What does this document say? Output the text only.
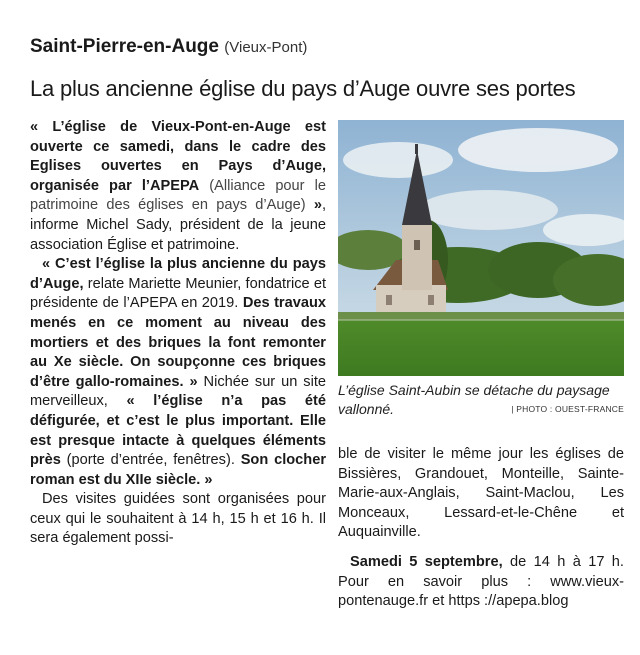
Saint-Pierre-en-Auge (Vieux-Pont)
La plus ancienne église du pays d’Auge ouvre ses portes

« L’église de Vieux-Pont-en-Auge est ouverte ce samedi, dans le cadre des Eglises ouvertes en Pays d’Auge, organisée par l’APEPA (Alliance pour le patrimoine des églises en pays d’Auge) », informe Michel Sady, président de la jeune association Église et patrimoine.

« C’est l’église la plus ancienne du pays d’Auge, relate Mariette Meunier, fondatrice et présidente de l’APEPA en 2019. Des travaux menés en ce moment au niveau des mortiers et des briques la font remonter au Xe siècle. On soupçonne ces briques d’être gallo-romaines. » Nichée sur un site merveilleux, « l’église n’a pas été défigurée, et c’est le plus important. Elle est presque intacte à quelques éléments près (porte d’entrée, fenêtres). Son clocher roman est du XIIe siècle. »

Des visites guidées sont organisées pour ceux qui le souhaitent à 14 h, 15 h et 16 h. Il sera également possi-

L’église Saint-Aubin se détache du paysage vallonné.	| PHOTO : OUEST-FRANCE

ble de visiter le même jour les églises de Bissières, Grandouet, Monteille, Sainte-Marie-aux-Anglais, Saint-Maclou, Les Monceaux, Lessard-et-le-Chêne et Auquainville.

Samedi 5 septembre, de 14 h à 17 h. Pour en savoir plus : www.vieux-pontenauge.fr et https ://apepa.blog
